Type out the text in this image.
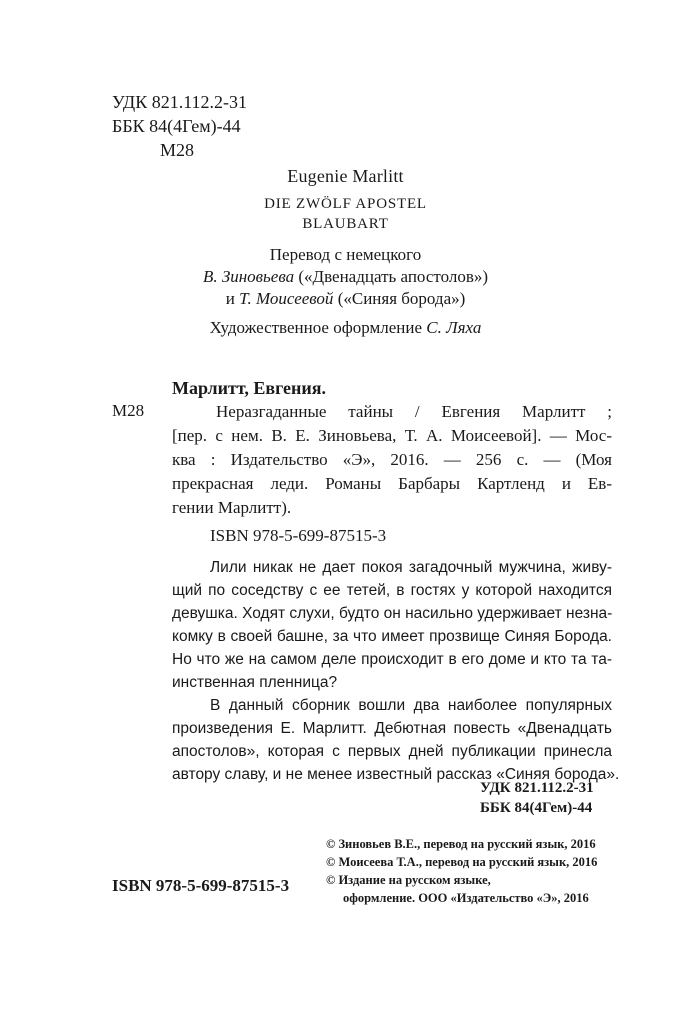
УДК 821.112.2-31
ББК 84(4Гем)-44
М28
Eugenie Marlitt
DIE ZWÖLF APOSTEL
BLAUBART
Перевод с немецкого
В. Зиновьева («Двенадцать апостолов»)
и Т. Моисеевой («Синяя борода»)
Художественное оформление С. Ляха
Марлитт, Евгения.
М28	Неразгаданные тайны / Евгения Марлитт ;
[пер. с нем. В. Е. Зиновьева, Т. А. Моисеевой]. — Мос-
ква : Издательство «Э», 2016. — 256 с. — (Моя
прекрасная леди. Романы Барбары Картленд и Ев-
гении Марлитт).
ISBN 978-5-699-87515-3
Лили никак не дает покоя загадочный мужчина, живу-
щий по соседству с ее тетей, в гостях у которой находится
девушка. Ходят слухи, будто он насильно удерживает незна-
комку в своей башне, за что имеет прозвище Синяя Борода.
Но что же на самом деле происходит в его доме и кто та та-
инственная пленница?
В данный сборник вошли два наиболее популярных
произведения Е. Марлитт. Дебютная повесть «Двенадцать
апостолов», которая с первых дней публикации принесла
автору славу, и не менее известный рассказ «Синяя борода».
УДК 821.112.2-31
ББК 84(4Гем)-44
© Зиновьев В.Е., перевод на русский язык, 2016
© Моисеева Т.А., перевод на русский язык, 2016
© Издание на русском языке,
оформление. ООО «Издательство «Э», 2016
ISBN 978-5-699-87515-3
